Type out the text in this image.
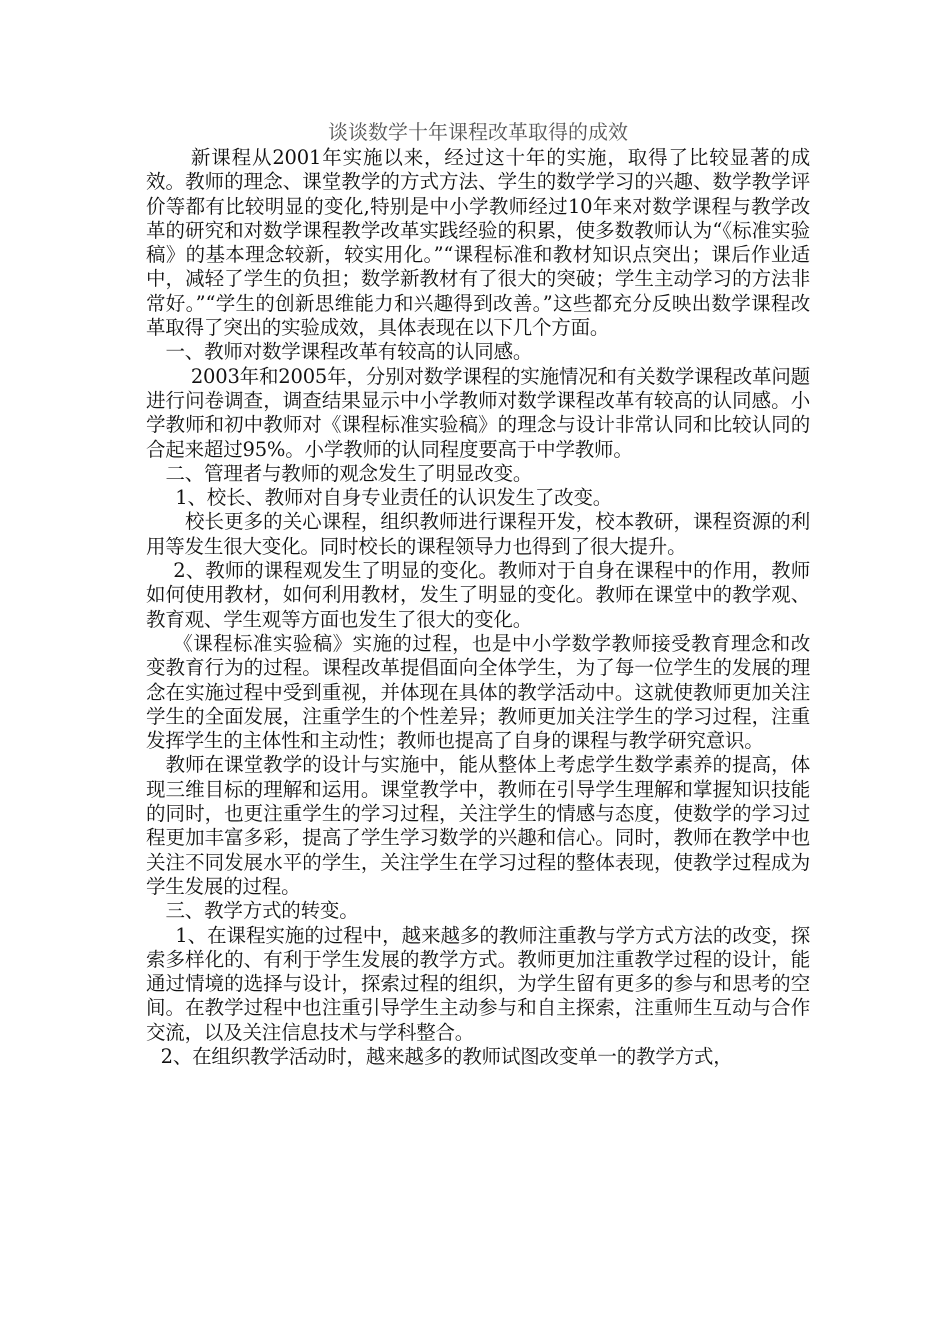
谈谈数学十年课程改革取得的成效

新课程从2001年实施以来，经过这十年的实施，取得了比较显著的成效。教师的理念、课堂教学的方式方法、学生的数学学习的兴趣、数学教学评价等都有比较明显的变化,特别是中小学教师经过10年来对数学课程与教学改革的研究和对数学课程教学改革实践经验的积累，使多数教师认为“《标准实验稿》的基本理念较新，较实用化。”“课程标准和教材知识点突出；课后作业适中，减轻了学生的负担；数学新教材有了很大的突破；学生主动学习的方法非常好。”“学生的创新思维能力和兴趣得到改善。”这些都充分反映出数学课程改革取得了突出的实验成效，具体表现在以下几个方面。

一、教师对数学课程改革有较高的认同感。

2003年和2005年，分别对数学课程的实施情况和有关数学课程改革问题进行问卷调查，调查结果显示中小学教师对数学课程改革有较高的认同感。小学教师和初中教师对《课程标准实验稿》的理念与设计非常认同和比较认同的合起来超过95%。小学教师的认同程度要高于中学教师。

二、管理者与教师的观念发生了明显改变。

1、校长、教师对自身专业责任的认识发生了改变。

校长更多的关心课程，组织教师进行课程开发，校本教研，课程资源的利用等发生很大变化。同时校长的课程领导力也得到了很大提升。

2、教师的课程观发生了明显的变化。教师对于自身在课程中的作用，教师如何使用教材，如何利用教材，发生了明显的变化。教师在课堂中的教学观、教育观、学生观等方面也发生了很大的变化。

《课程标准实验稿》实施的过程，也是中小学数学教师接受教育理念和改变教育行为的过程。课程改革提倡面向全体学生，为了每一位学生的发展的理念在实施过程中受到重视，并体现在具体的教学活动中。这就使教师更加关注学生的全面发展，注重学生的个性差异；教师更加关注学生的学习过程，注重发挥学生的主体性和主动性；教师也提高了自身的课程与教学研究意识。

教师在课堂教学的设计与实施中，能从整体上考虑学生数学素养的提高，体现三维目标的理解和运用。课堂教学中，教师在引导学生理解和掌握知识技能的同时，也更注重学生的学习过程，关注学生的情感与态度，使数学的学习过程更加丰富多彩，提高了学生学习数学的兴趣和信心。同时，教师在教学中也关注不同发展水平的学生，关注学生在学习过程的整体表现，使教学过程成为学生发展的过程。

三、教学方式的转变。

1、在课程实施的过程中，越来越多的教师注重教与学方式方法的改变，探索多样化的、有利于学生发展的教学方式。教师更加注重教学过程的设计，能通过情境的选择与设计，探索过程的组织，为学生留有更多的参与和思考的空间。在教学过程中也注重引导学生主动参与和自主探索，注重师生互动与合作交流，以及关注信息技术与学科整合。

2、在组织教学活动时，越来越多的教师试图改变单一的教学方式，
